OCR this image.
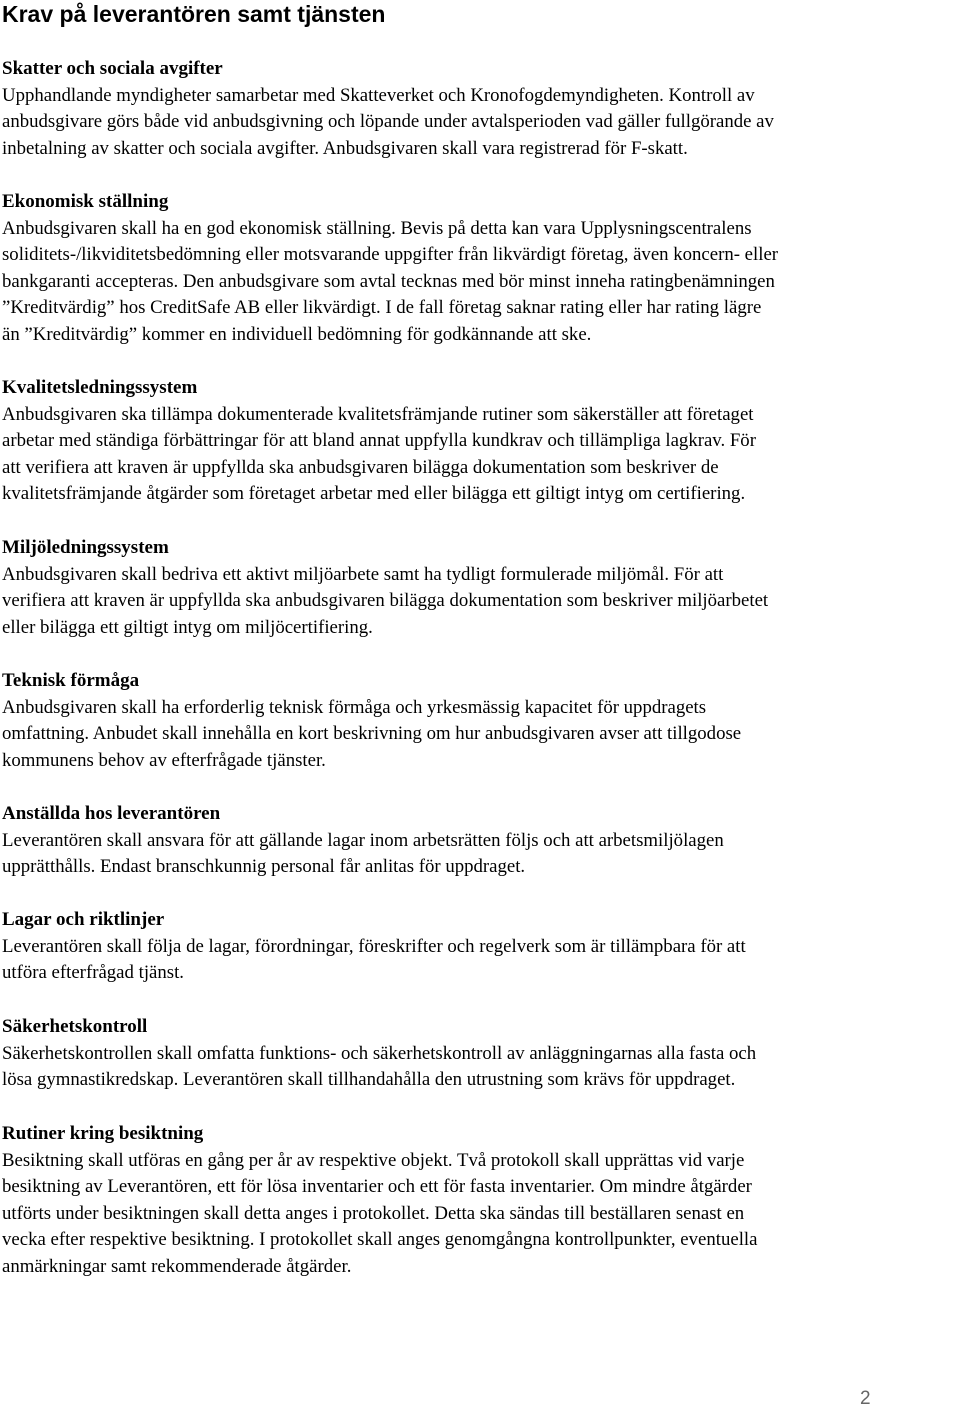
Krav på leverantören samt tjänsten
Skatter och sociala avgifter

Upphandlande myndigheter samarbetar med Skatteverket och Kronofogdemyndigheten. Kontroll av
anbudsgivare görs både vid anbudsgivning och löpande under avtalsperioden vad gäller fullgörande av
inbetalning av skatter och sociala avgifter. Anbudsgivaren skall vara registrerad för F-skatt.

Ekonomisk ställning

Anbudsgivaren skall ha en god ekonomisk ställning. Bevis på detta kan vara Upplysningscentralens
soliditets-/likviditetsbedömning eller motsvarande uppgifter från likvärdigt företag, även koncern- eller
bankgaranti accepteras. Den anbudsgivare som avtal tecknas med bör minst inneha ratingbenämningen
”Kreditvärdig” hos CreditSafe AB eller likvärdigt. I de fall företag saknar rating eller har rating lägre
än ”Kreditvärdig” kommer en individuell bedömning för godkännande att ske.

Kvalitetsledningssystem

Anbudsgivaren ska tillämpa dokumenterade kvalitetsfrämjande rutiner som säkerställer att företaget
arbetar med ständiga förbättringar för att bland annat uppfylla kundkrav och tillämpliga lagkrav. För
att verifiera att kraven är uppfyllda ska anbudsgivaren bilägga dokumentation som beskriver de
kvalitetsfrämjande åtgärder som företaget arbetar med eller bilägga ett giltigt intyg om certifiering.

Miljöledningssystem

Anbudsgivaren skall bedriva ett aktivt miljöarbete samt ha tydligt formulerade miljömål. För att
verifiera att kraven är uppfyllda ska anbudsgivaren bilägga dokumentation som beskriver miljöarbetet
eller bilägga ett giltigt intyg om miljöcertifiering.

Teknisk förmåga

Anbudsgivaren skall ha erforderlig teknisk förmåga och yrkesmässig kapacitet för uppdragets
omfattning. Anbudet skall innehålla en kort beskrivning om hur anbudsgivaren avser att tillgodose
kommunens behov av efterfrågade tjänster.

Anställda hos leverantören

Leverantören skall ansvara för att gällande lagar inom arbetsrätten följs och att arbetsmiljölagen
upprätthålls. Endast branschkunnig personal får anlitas för uppdraget.

Lagar och riktlinjer

Leverantören skall följa de lagar, förordningar, föreskrifter och regelverk som är tillämpbara för att
utföra efterfrågad tjänst.

Säkerhetskontroll

Säkerhetskontrollen skall omfatta funktions- och säkerhetskontroll av anläggningarnas alla fasta och
lösa gymnastikredskap. Leverantören skall tillhandahålla den utrustning som krävs för uppdraget.

Rutiner kring besiktning

Besiktning skall utföras en gång per år av respektive objekt. Två protokoll skall upprättas vid varje
besiktning av Leverantören, ett för lösa inventarier och ett för fasta inventarier. Om mindre åtgärder
utförts under besiktningen skall detta anges i protokollet. Detta ska sändas till beställaren senast en
vecka efter respektive besiktning. I protokollet skall anges genomgångna kontrollpunkter, eventuella
anmärkningar samt rekommenderade åtgärder.

2
